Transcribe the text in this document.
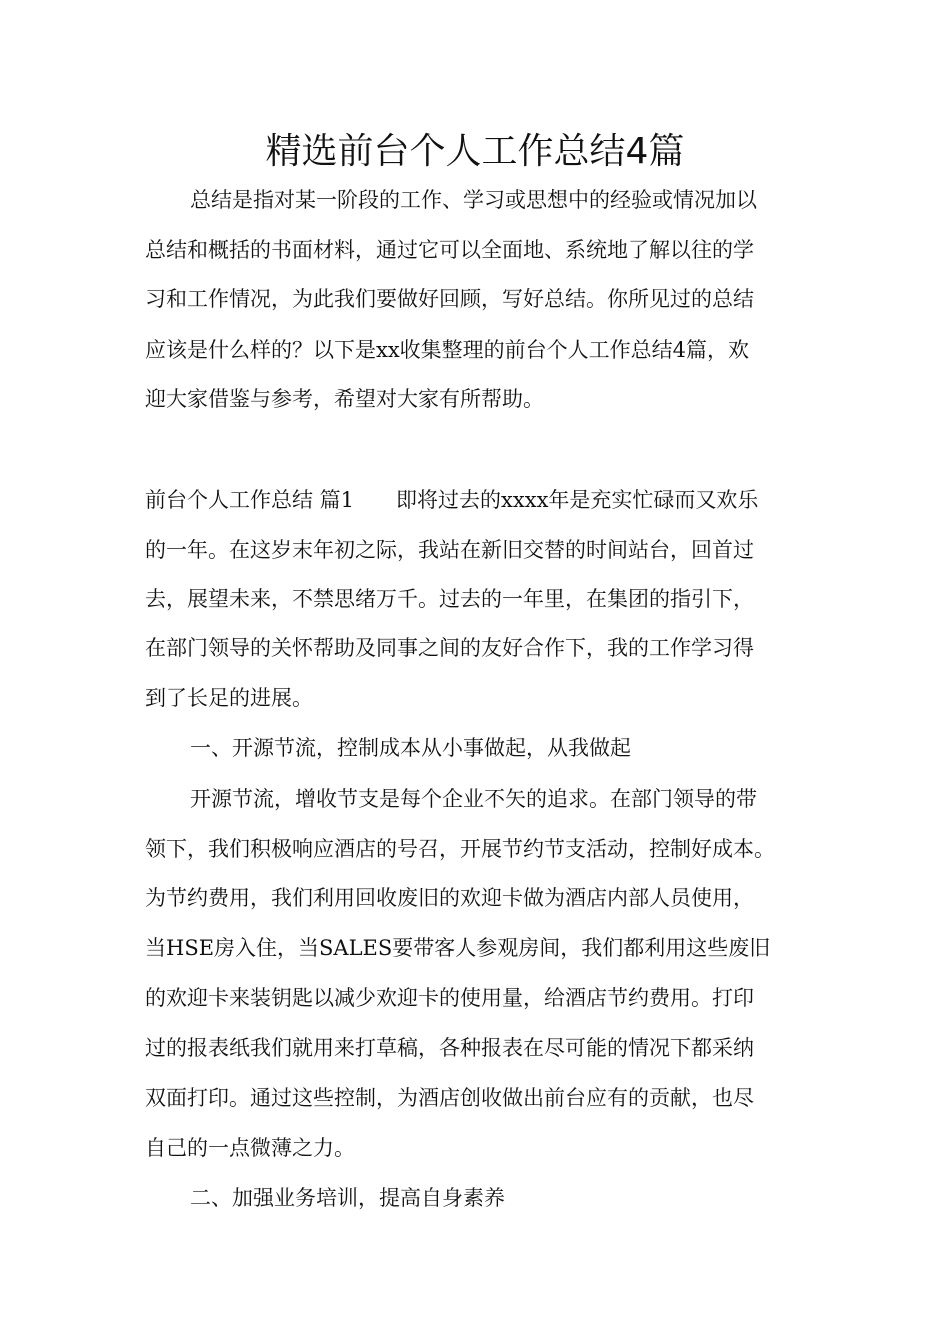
精选前台个人工作总结4篇
总结是指对某一阶段的工作、学习或思想中的经验或情况加以
总结和概括的书面材料，通过它可以全面地、系统地了解以往的学
习和工作情况，为此我们要做好回顾，写好总结。你所见过的总结
应该是什么样的？以下是xx收集整理的前台个人工作总结4篇，欢
迎大家借鉴与参考，希望对大家有所帮助。
前台个人工作总结 篇1 即将过去的xxxx年是充实忙碌而又欢乐
的一年。在这岁末年初之际，我站在新旧交替的时间站台，回首过
去，展望未来，不禁思绪万千。过去的一年里，在集团的指引下，
在部门领导的关怀帮助及同事之间的友好合作下，我的工作学习得
到了长足的进展。
一、开源节流，控制成本从小事做起，从我做起
开源节流，增收节支是每个企业不矢的追求。在部门领导的带
领下，我们积极响应酒店的号召，开展节约节支活动，控制好成本。
为节约费用，我们利用回收废旧的欢迎卡做为酒店内部人员使用，
当HSE房入住，当SALES要带客人参观房间，我们都利用这些废旧
的欢迎卡来装钥匙以减少欢迎卡的使用量，给酒店节约费用。打印
过的报表纸我们就用来打草稿，各种报表在尽可能的情况下都采纳
双面打印。通过这些控制，为酒店创收做出前台应有的贡献，也尽
自己的一点微薄之力。
二、加强业务培训，提高自身素养
